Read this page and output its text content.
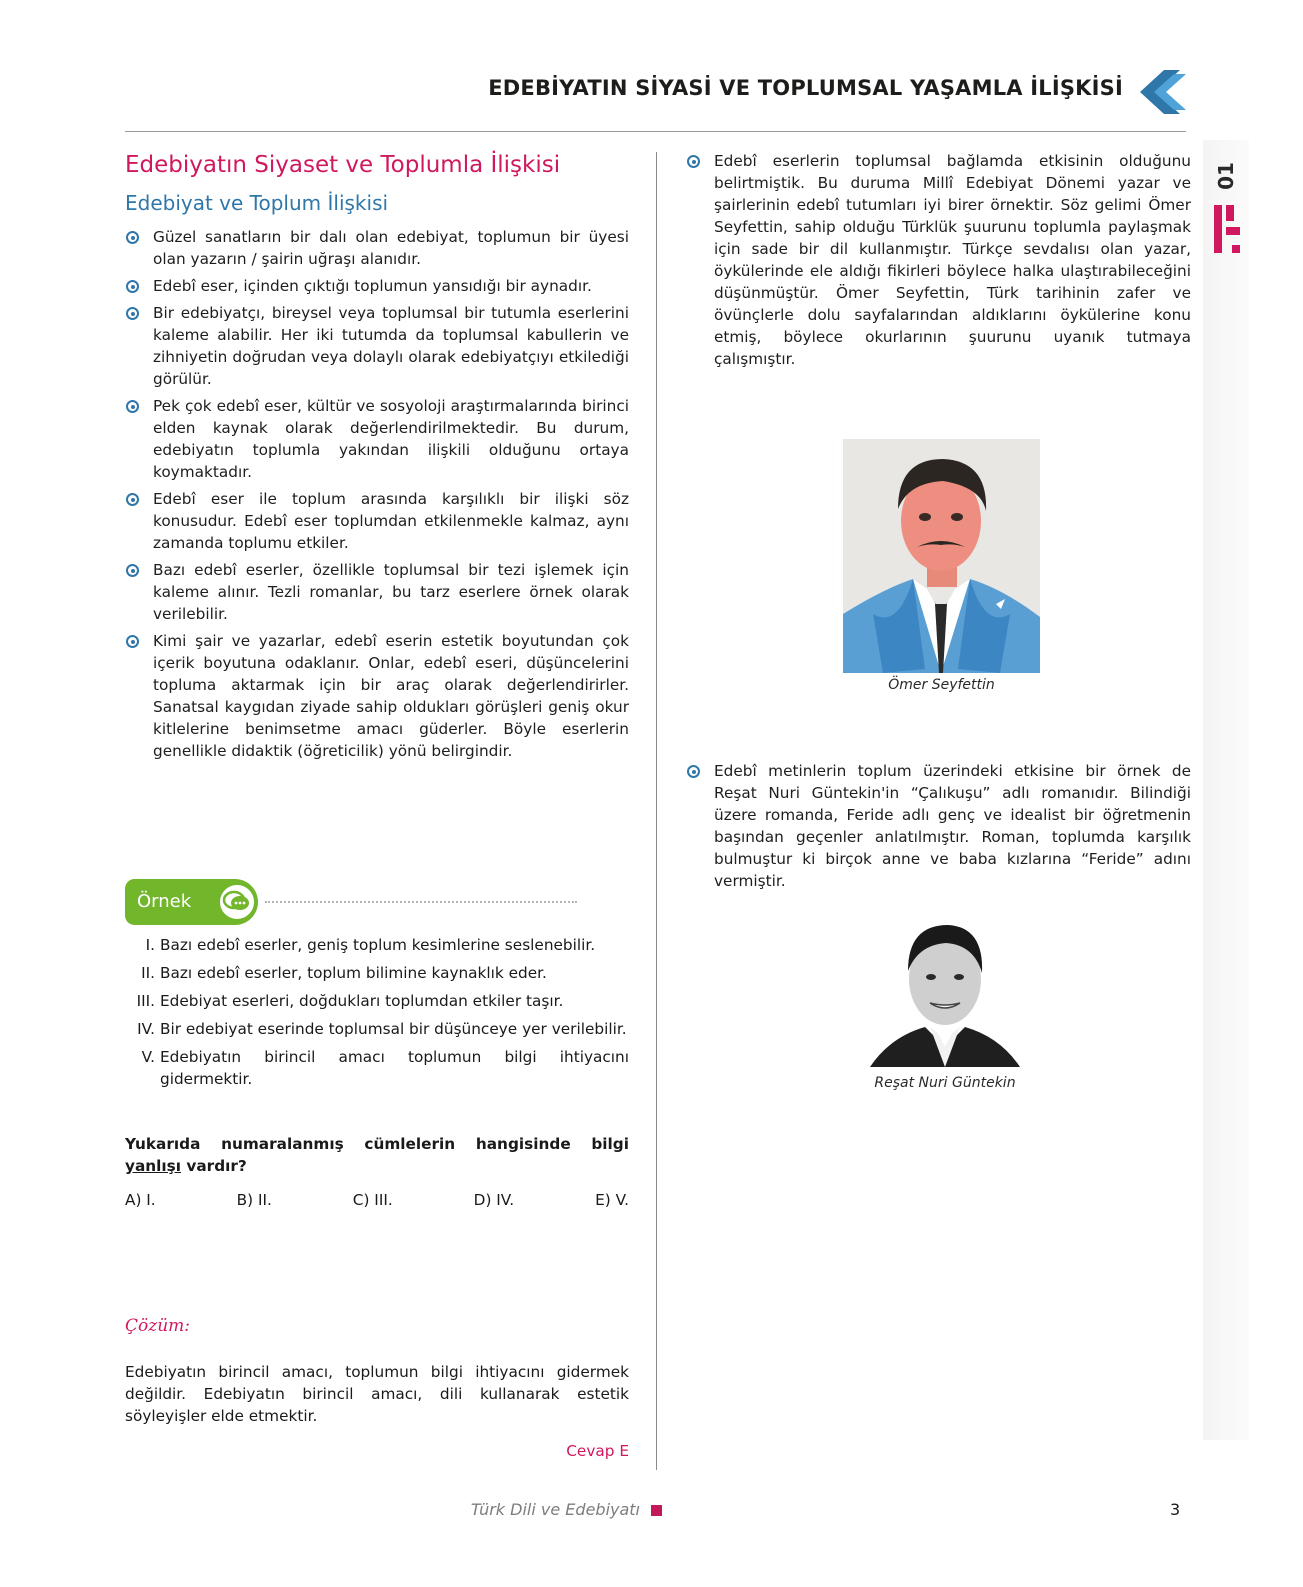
EDEBİYATIN SİYASİ VE TOPLUMSAL YAŞAMLA İLİŞKİSİ
01
Edebiyatın Siyaset ve Toplumla İlişkisi
Edebiyat ve Toplum İlişkisi
Güzel sanatların bir dalı olan edebiyat, toplumun bir üyesi olan yazarın / şairin uğraşı alanıdır.
Edebî eser, içinden çıktığı toplumun yansıdığı bir aynadır.
Bir edebiyatçı, bireysel veya toplumsal bir tutumla eserlerini kaleme alabilir. Her iki tutumda da toplumsal kabullerin ve zihniyetin doğrudan veya dolaylı olarak edebiyatçıyı etkilediği görülür.
Pek çok edebî eser, kültür ve sosyoloji araştırmalarında birinci elden kaynak olarak değerlendirilmektedir. Bu durum, edebiyatın toplumla yakından ilişkili olduğunu ortaya koymaktadır.
Edebî eser ile toplum arasında karşılıklı bir ilişki söz konusudur. Edebî eser toplumdan etkilenmekle kalmaz, aynı zamanda toplumu etkiler.
Bazı edebî eserler, özellikle toplumsal bir tezi işlemek için kaleme alınır. Tezli romanlar, bu tarz eserlere örnek olarak verilebilir.
Kimi şair ve yazarlar, edebî eserin estetik boyutundan çok içerik boyutuna odaklanır. Onlar, edebî eseri, düşüncelerini topluma aktarmak için bir araç olarak değerlendirirler. Sanatsal kaygıdan ziyade sahip oldukları görüşleri geniş okur kitlelerine benimsetme amacı güderler. Böyle eserlerin genellikle didaktik (öğreticilik) yönü belirgindir.
Örnek
I. Bazı edebî eserler, geniş toplum kesimlerine seslenebilir.
II. Bazı edebî eserler, toplum bilimine kaynaklık eder.
III. Edebiyat eserleri, doğdukları toplumdan etkiler taşır.
IV. Bir edebiyat eserinde toplumsal bir düşünceye yer verilebilir.
V. Edebiyatın birincil amacı toplumun bilgi ihtiyacını gidermektir.
Yukarıda numaralanmış cümlelerin hangisinde bilgi yanlışı vardır?
A) I.	B) II.	C) III.	D) IV.	E) V.
Çözüm:
Edebiyatın birincil amacı, toplumun bilgi ihtiyacını gidermek değildir. Edebiyatın birincil amacı, dili kullanarak estetik söyleyişler elde etmektir.
Cevap E
Edebî eserlerin toplumsal bağlamda etkisinin olduğunu belirtmiştik. Bu duruma Millî Edebiyat Dönemi yazar ve şairlerinin edebî tutumları iyi birer örnektir. Söz gelimi Ömer Seyfettin, sahip olduğu Türklük şuurunu toplumla paylaşmak için sade bir dil kullanmıştır. Türkçe sevdalısı olan yazar, öykülerinde ele aldığı fikirleri böylece halka ulaştırabileceğini düşünmüştür. Ömer Seyfettin, Türk tarihinin zafer ve övünçlerle dolu sayfalarından aldıklarını öykülerine konu etmiş, böylece okurlarının şuurunu uyanık tutmaya çalışmıştır.
Ömer Seyfettin
Edebî metinlerin toplum üzerindeki etkisine bir örnek de Reşat Nuri Güntekin'in “Çalıkuşu” adlı romanıdır. Bilindiği üzere romanda, Feride adlı genç ve idealist bir öğretmenin başından geçenler anlatılmıştır. Roman, toplumda karşılık bulmuştur ki birçok anne ve baba kızlarına “Feride” adını vermiştir.
Reşat Nuri Güntekin
Türk Dili ve Edebiyatı	3
